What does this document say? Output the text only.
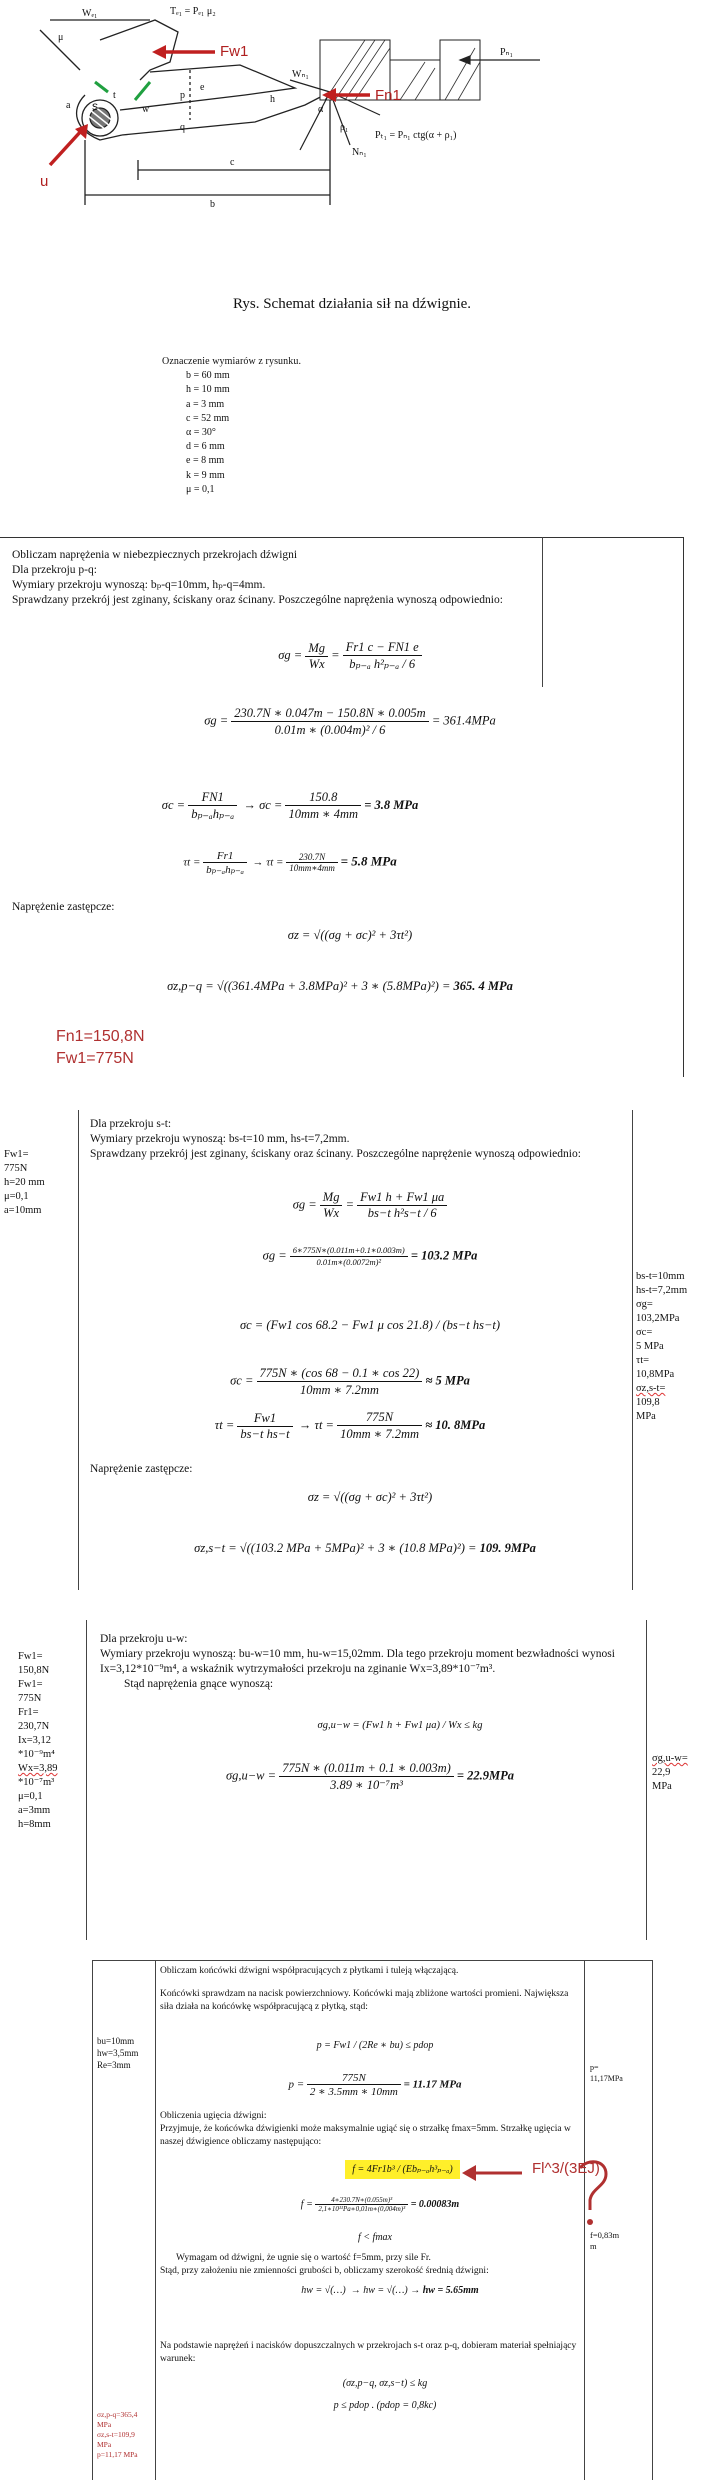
Wₑ₁	Tₑ₁ = Pₑ₁ μ₂
Pₙ₁
w
t	p
q
a
h
c
b
e
μ
α
ρ₁
Nₙ₁
Wₙ₁
Pₜ₁ = Pₙ₁ ctg(α + ρ₁)
Fw1
Fn1
u
s
Rys. Schemat działania sił na dźwignie.
Oznaczenie wymiarów z rysunku.
b = 60 mm
h = 10 mm
a = 3 mm
c = 52 mm
α = 30°
d = 6 mm
e = 8 mm
k = 9 mm
μ = 0,1
Obliczam naprężenia w niebezpiecznych przekrojach dźwigni
Dla przekroju p-q:
Wymiary przekroju wynoszą: bₚ-q=10mm, hₚ-q=4mm.
Sprawdzany przekrój jest zginany, ściskany oraz ścinany. Poszczególne naprężenia wynoszą odpowiednio:
$\sigma g = \frac{Mg}{Wx} = \frac{Fr1 c - FN1 e}{\text{bₚ₋ₐ h²ₚ₋ₐ / 6}}$
$\sigma g = \frac{230.7N ∗ 0.047m - 150.8N ∗ 0.005m}{\text{0.01m ∗ (0.004m)² / 6}} = 361.4MPa$
$\sigma c = \frac{FN1}{\text{bₚ₋ₐhₚ₋ₐ}} \to \sigma c = \frac{150.8}{10mm ∗ 4mm} = 3.8$ MPa
$\tau t = \frac{Fr1}{\text{bₚ₋ₐhₚ₋ₐ}} \to \tau t = \frac{230.7N}{10mm∗4mm} = 5.8$ MPa
Naprężenie zastępcze:
σz = √((σg + σc)² + 3τt²)
σz,p−q = √((361.4MPa + 3.8MPa)² + 3 ∗ (5.8MPa)²) = 365. 4 MPa
Fn1=150,8N
Fw1=775N
Fw1=
775N
h=20 mm
μ=0,1
a=10mm
Dla przekroju s-t:
Wymiary przekroju wynoszą: bs-t=10 mm, hs-t=7,2mm.
Sprawdzany przekrój jest zginany, ściskany oraz ścinany. Poszczególne naprężenie wynoszą odpowiednio:
$\sigma g = \frac{Mg}{Wx} = \frac{Fw1 h + Fw1 \mu a}{\text{bs−t h²s−t / 6}}$
$\sigma g = \frac{6∗775N∗(0.011m+0.1∗0.003m)}{\text{0.01m∗(0.0072m)²}} = 103.2$ MPa
σc = (Fw1 cos 68.2 − Fw1 μ cos 21.8) / (bs−t hs−t)
$\sigma c = \frac{775N ∗ (\cos 68 - 0.1 ∗ \cos 22)}{10mm ∗ 7.2mm} \approx 5$ MPa
$\tau t = \frac{Fw1}{\text{bs−t hs−t}} \to \tau t = \frac{775N}{10mm ∗ 7.2mm} \approx 10$. 8MPa
Naprężenie zastępcze:
σz = √((σg + σc)² + 3τt²)
σz,s−t = √((103.2 MPa + 5MPa)² + 3 ∗ (10.8 MPa)²) = 109. 9MPa
bs-t=10mm
hs-t=7,2mm
σg=
103,2MPa
σc=
5 MPa
τt=
10,8MPa
σz,s-t=
109,8
MPa
Fw1=
150,8N
Fw1=
775N
Fr1=
230,7N
Ix=3,12
*10⁻⁹m⁴
Wx=3,89
*10⁻⁷m³
μ=0,1
a=3mm
h=8mm
Dla przekroju u-w:
Wymiary przekroju wynoszą: bu-w=10 mm, hu-w=15,02mm. Dla tego przekroju moment bezwładności wynosi Ix=3,12*10⁻⁹m⁴, a wskaźnik wytrzymałości przekroju na zginanie Wx=3,89*10⁻⁷m³.
Stąd naprężenia gnące wynoszą:
σg,u−w = (Fw1 h + Fw1 μa) / Wx ≤ kg
$\sigma g,u-w = \frac{775N ∗ (0.011m + 0.1 ∗ 0.003m)}{\text{3.89 ∗ 10⁻⁷m³}} = 22.9MPa$
σg,u-w=
22,9
MPa
bu=10mm
hw=3,5mm
Re=3mm
σz,p-q=365,4
MPa
σz,s-t=109,9
MPa
p=11,17 MPa
Obliczam końcówki dźwigni współpracujących z płytkami i tuleją włączającą.
Końcówki sprawdzam na nacisk powierzchniowy. Końcówki mają zbliżone wartości promieni. Największa siła działa na końcówkę współpracującą z płytką, stąd:
p = Fw1 / (2Re ∗ bu) ≤ pdop
$p = \frac{775N}{2 ∗ 3.5mm ∗ 10mm} = 11.17$ MPa
Obliczenia ugięcia dźwigni:
Przyjmuje, że końcówka dźwigienki może maksymalnie ugiąć się o strzałkę fmax=5mm. Strzałkę ugięcia w naszej dźwigience obliczamy następująco:
f = 4Fr1b³ / (Ebₚ₋ₐh³ₚ₋ₐ)	Fl^3/(3EJ)
$f = \frac{\text{4∗230.7N∗(0.055m)³}}{\text{2,1∗10¹¹Pa∗0,01m∗(0,004m)³}} = 0.00083m$
f < fmax
Wymagam od dźwigni, że ugnie się o wartość f=5mm, przy sile Fr.
Stąd, przy założeniu nie zmienności grubości b, obliczamy szerokość średnią dźwigni:
hw = √(…) → hw = √(…) → hw = 5.65mm
Na podstawie naprężeń i nacisków dopuszczalnych w przekrojach s-t oraz p-q, dobieram materiał spełniający warunek:
(σz,p−q, σz,s−t) ≤ kg
p ≤ pdop . (pdop = 0,8kc)
p=
11,17MPa
f=0,83m
m
